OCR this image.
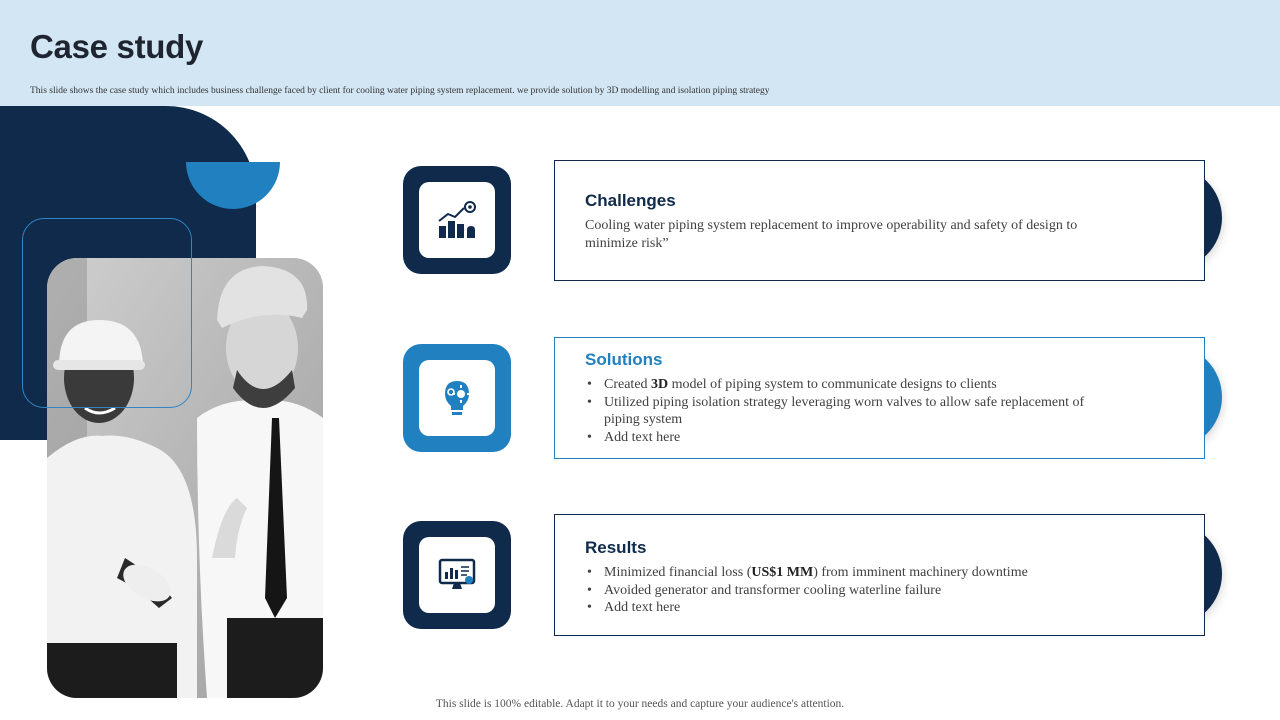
Case study

This slide shows the case study which includes business challenge faced by client for cooling water piping system replacement. we provide solution by 3D modelling and isolation piping strategy

Challenges

Cooling water piping system replacement to improve operability and safety of design to minimize risk”

Solutions
• Created 3D model of piping system to communicate designs to clients
• Utilized piping isolation strategy leveraging worn valves to allow safe replacement of piping system
• Add text here
Results
• Minimized financial loss (US$1 MM) from imminent machinery downtime
• Avoided generator and transformer cooling waterline failure
• Add text here

This slide is 100% editable. Adapt it to your needs and capture your audience's attention.
